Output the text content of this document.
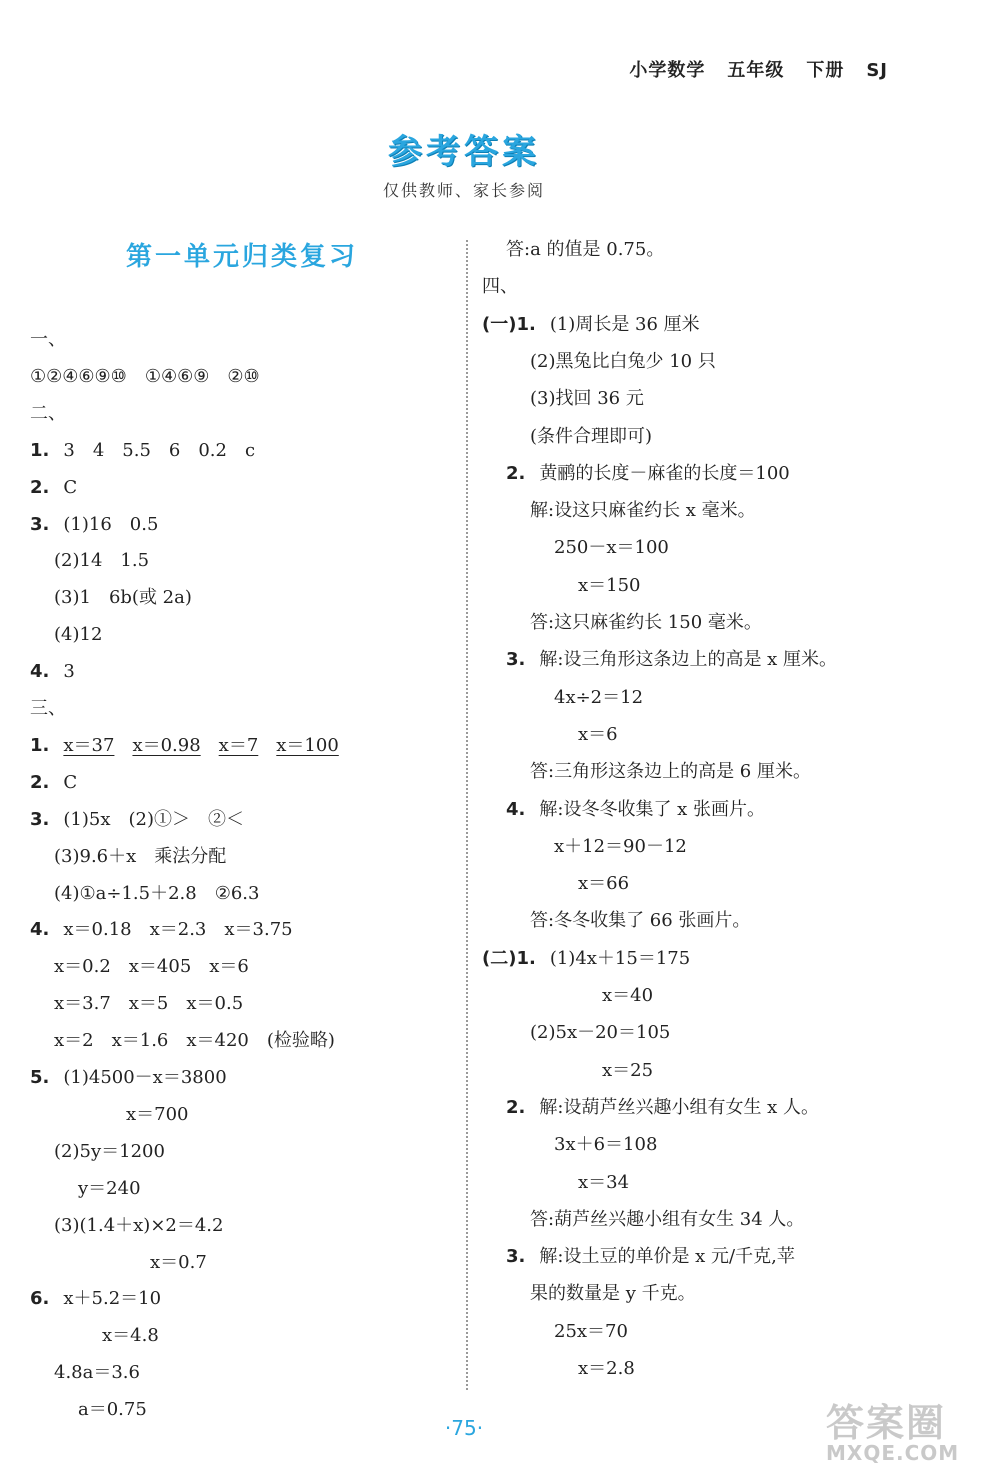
小学数学 五年级 下册 SJ
参考答案
仅供教师、家长参阅
第一单元归类复习
一、
①②④⑥⑨⑩　①④⑥⑨　②⑩
二、
1. 3　4　5.5　6　0.2　c
2. C
3. (1)16　0.5
(2)14　1.5
(3)1　6b(或 2a)
(4)12
4. 3
三、
1. x＝37 x＝0.98 x＝7 x＝100
2. C
3. (1)5x　(2)①＞　②＜
(3)9.6＋x　乘法分配
(4)①a÷1.5＋2.8　②6.3
4. x＝0.18　x＝2.3　x＝3.75
x＝0.2　x＝405　x＝6
x＝3.7　x＝5　x＝0.5
x＝2　x＝1.6　x＝420　(检验略)
5. (1)4500－x＝3800
x＝700
(2)5y＝1200
y＝240
(3)(1.4＋x)×2＝4.2
x＝0.7
6. x＋5.2＝10
x＝4.8
4.8a＝3.6
a＝0.75
答:a 的值是 0.75。
四、
(一)1. (1)周长是 36 厘米
(2)黑兔比白兔少 10 只
(3)找回 36 元
(条件合理即可)
2. 黄鹂的长度－麻雀的长度＝100
解:设这只麻雀约长 x 毫米。
250－x＝100
x＝150
答:这只麻雀约长 150 毫米。
3. 解:设三角形这条边上的高是 x 厘米。
4x÷2＝12
x＝6
答:三角形这条边上的高是 6 厘米。
4. 解:设冬冬收集了 x 张画片。
x＋12＝90－12
x＝66
答:冬冬收集了 66 张画片。
(二)1. (1)4x＋15＝175
x＝40
(2)5x－20＝105
x＝25
2. 解:设葫芦丝兴趣小组有女生 x 人。
3x＋6＝108
x＝34
答:葫芦丝兴趣小组有女生 34 人。
3. 解:设土豆的单价是 x 元/千克,苹
果的数量是 y 千克。
25x＝70
x＝2.8
·75·	答案圈
MXQE.COM
